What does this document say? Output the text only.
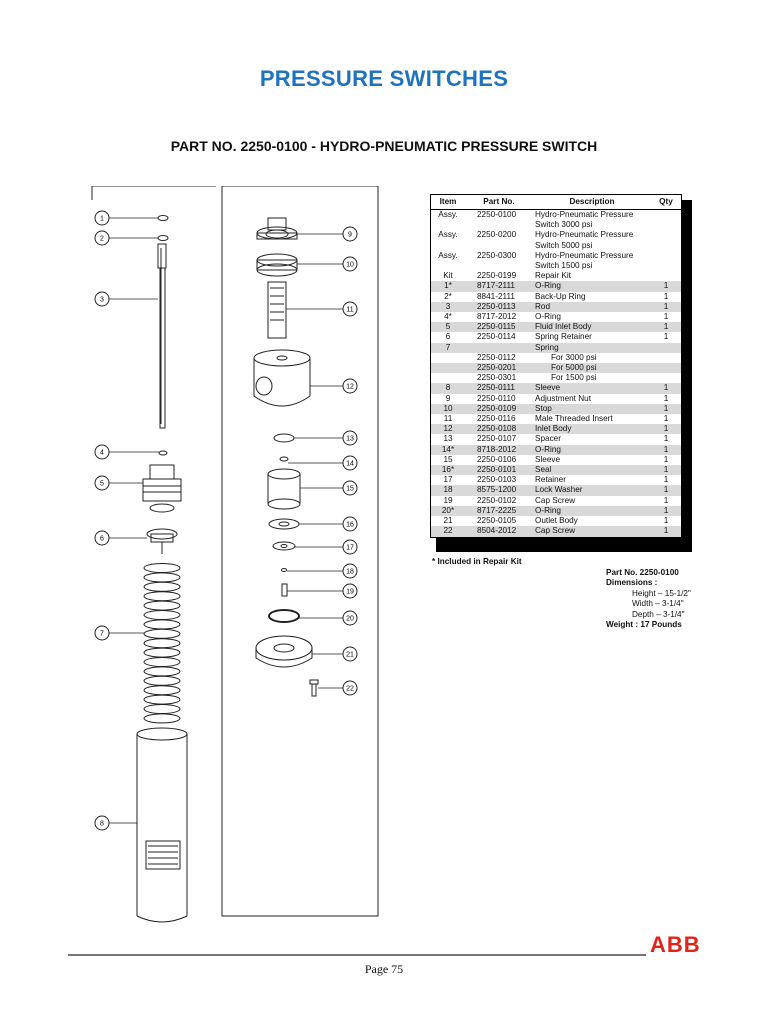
PRESSURE SWITCHES
PART NO. 2250-0100 - HYDRO-PNEUMATIC PRESSURE SWITCH
1
2
3
4
5
6
7
8
9
10
11
12
13
14
15
16
17
18
19
20
21
22
Item	Part No.	Description	Qty
Assy.	2250-0100	Hydro-Pneumatic Pressure	
		Switch 3000 psi	
Assy.	2250-0200	Hydro-Pneumatic Pressure	
		Switch 5000 psi	
Assy.	2250-0300	Hydro-Pneumatic Pressure	
		Switch 1500 psi	
Kit	2250-0199	Repair Kit	
1*	8717-2111	O-Ring	1
2*	8841-2111	Back-Up Ring	1
3	2250-0113	Rod	1
4*	8717-2012	O-Ring	1
5	2250-0115	Fluid Inlet Body	1
6	2250-0114	Spring Retainer	1
7		Spring	
	2250-0112	For 3000 psi	
	2250-0201	For 5000 psi	
	2250-0301	For 1500 psi	
8	2250-0111	Sleeve	1
9	2250-0110	Adjustment Nut	1
10	2250-0109	Stop	1
11	2250-0116	Male Threaded Insert	1
12	2250-0108	Inlet Body	1
13	2250-0107	Spacer	1
14*	8718-2012	O-Ring	1
15	2250-0106	Sleeve	1
16*	2250-0101	Seal	1
17	2250-0103	Retainer	1
18	8575-1200	Lock Washer	1
19	2250-0102	Cap Screw	1
20*	8717-2225	O-Ring	1
21	2250-0105	Outlet Body	1
22	8504-2012	Cap Screw	1
* Included in Repair Kit
Part No. 2250-0100
Dimensions :
Height – 15-1/2"
Width – 3-1/4"
Depth – 3-1/4"
Weight : 17 Pounds
ABB
Page 75
